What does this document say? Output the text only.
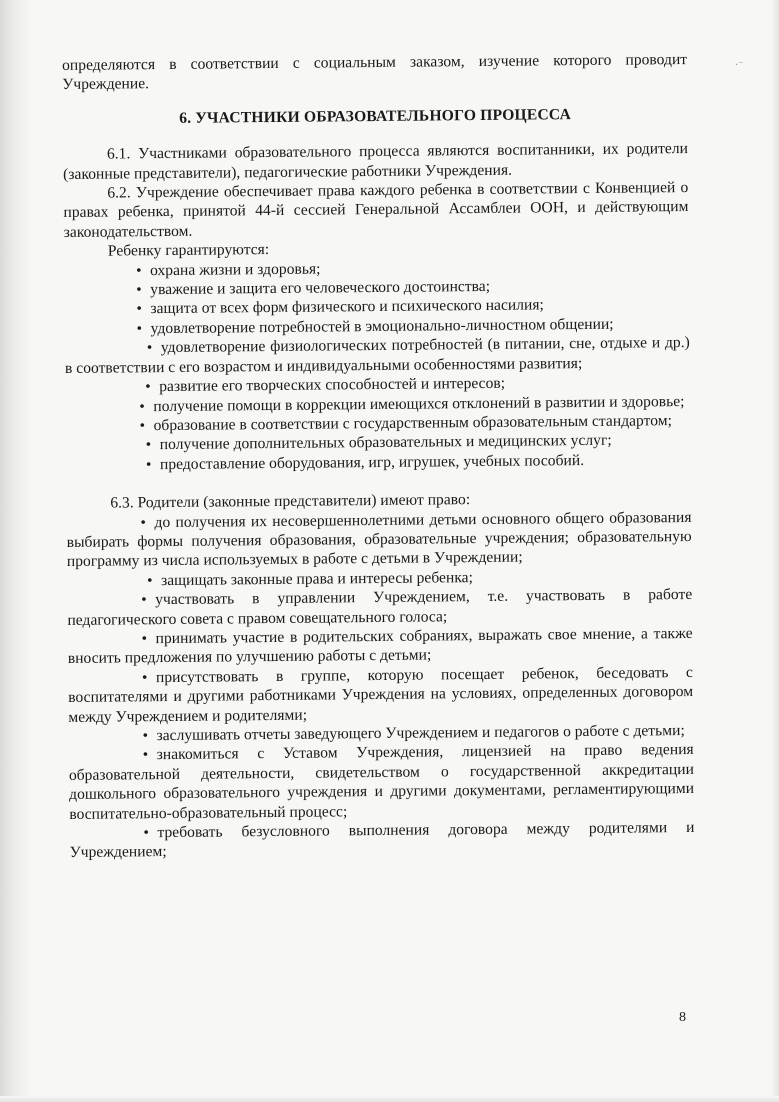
·⁻

определяются в соответствии с социальным заказом, изучение которого проводит Учреждение.

6. УЧАСТНИКИ ОБРАЗОВАТЕЛЬНОГО ПРОЦЕССА

6.1. Участниками образовательного процесса являются воспитанники, их родители (законные представители), педагогические работники Учреждения.

6.2. Учреждение обеспечивает права каждого ребенка в соответствии с Конвенцией о правах ребенка, принятой 44-й сессией Генеральной Ассамблеи ООН, и действующим законодательством.

Ребенку гарантируются:

• охрана жизни и здоровья;
• уважение и защита его человеческого достоинства;
• защита от всех форм физического и психического насилия;
• удовлетворение потребностей в эмоционально-личностном общении;
• удовлетворение физиологических потребностей (в питании, сне, отдыхе и др.) в соответствии с его возрастом и индивидуальными особенностями развития;
• развитие его творческих способностей и интересов;
• получение помощи в коррекции имеющихся отклонений в развитии и здоровье;
• образование в соответствии с государственным образовательным стандартом;
• получение дополнительных образовательных и медицинских услуг;
• предоставление оборудования, игр, игрушек, учебных пособий.

6.3. Родители (законные представители) имеют право:

• до получения их несовершеннолетними детьми основного общего образования выбирать формы получения образования, образовательные учреждения; образовательную программу из числа используемых в работе с детьми в Учреждении;
• защищать законные права и интересы ребенка;
• участвовать в управлении Учреждением, т.е. участвовать в работе педагогического совета с правом совещательного голоса;
• принимать участие в родительских собраниях, выражать свое мнение, а также вносить предложения по улучшению работы с детьми;
• присутствовать в группе, которую посещает ребенок, беседовать с воспитателями и другими работниками Учреждения на условиях, определенных договором между Учреждением и родителями;
• заслушивать отчеты заведующего Учреждением и педагогов о работе с детьми;
• знакомиться с Уставом Учреждения, лицензией на право ведения образовательной деятельности, свидетельством о государственной аккредитации дошкольного образовательного учреждения и другими документами, регламентирующими воспитательно-образовательный процесс;
• требовать безусловного выполнения договора между родителями и Учреждением;
8
